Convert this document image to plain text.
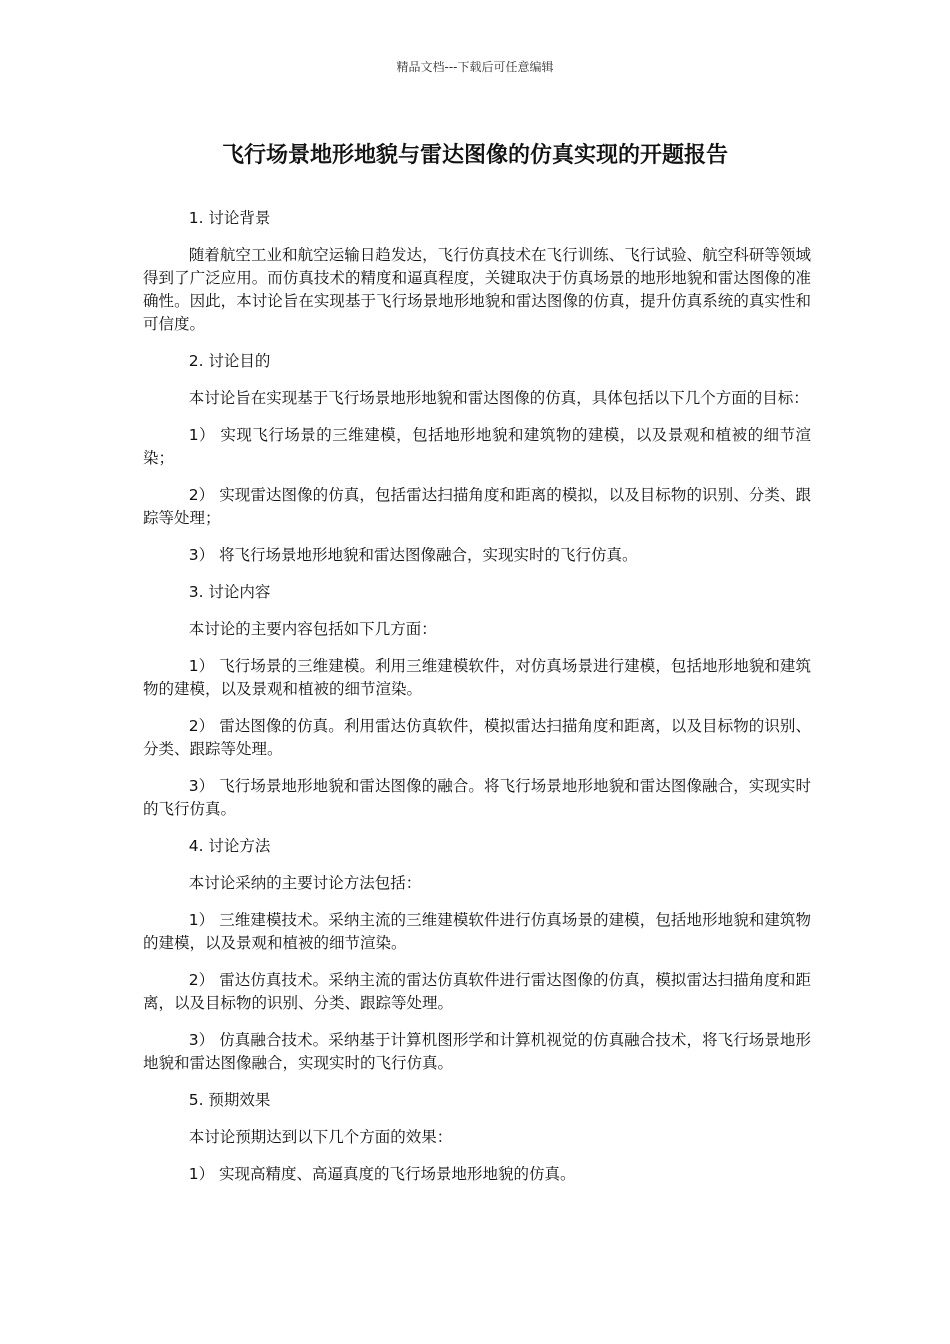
精品文档---下载后可任意编辑
飞行场景地形地貌与雷达图像的仿真实现的开题报告

1. 讨论背景

随着航空工业和航空运输日趋发达，飞行仿真技术在飞行训练、飞行试验、航空科研等领域得到了广泛应用。而仿真技术的精度和逼真程度，关键取决于仿真场景的地形地貌和雷达图像的准确性。因此，本讨论旨在实现基于飞行场景地形地貌和雷达图像的仿真，提升仿真系统的真实性和可信度。

2. 讨论目的

本讨论旨在实现基于飞行场景地形地貌和雷达图像的仿真，具体包括以下几个方面的目标：

1） 实现飞行场景的三维建模，包括地形地貌和建筑物的建模，以及景观和植被的细节渲染；

2） 实现雷达图像的仿真，包括雷达扫描角度和距离的模拟，以及目标物的识别、分类、跟踪等处理；

3） 将飞行场景地形地貌和雷达图像融合，实现实时的飞行仿真。

3. 讨论内容

本讨论的主要内容包括如下几方面：

1） 飞行场景的三维建模。利用三维建模软件，对仿真场景进行建模，包括地形地貌和建筑物的建模，以及景观和植被的细节渲染。

2） 雷达图像的仿真。利用雷达仿真软件，模拟雷达扫描角度和距离，以及目标物的识别、分类、跟踪等处理。

3） 飞行场景地形地貌和雷达图像的融合。将飞行场景地形地貌和雷达图像融合，实现实时的飞行仿真。

4. 讨论方法

本讨论采纳的主要讨论方法包括：

1） 三维建模技术。采纳主流的三维建模软件进行仿真场景的建模，包括地形地貌和建筑物的建模，以及景观和植被的细节渲染。

2） 雷达仿真技术。采纳主流的雷达仿真软件进行雷达图像的仿真，模拟雷达扫描角度和距离，以及目标物的识别、分类、跟踪等处理。

3） 仿真融合技术。采纳基于计算机图形学和计算机视觉的仿真融合技术，将飞行场景地形地貌和雷达图像融合，实现实时的飞行仿真。

5. 预期效果

本讨论预期达到以下几个方面的效果：

1） 实现高精度、高逼真度的飞行场景地形地貌的仿真。
